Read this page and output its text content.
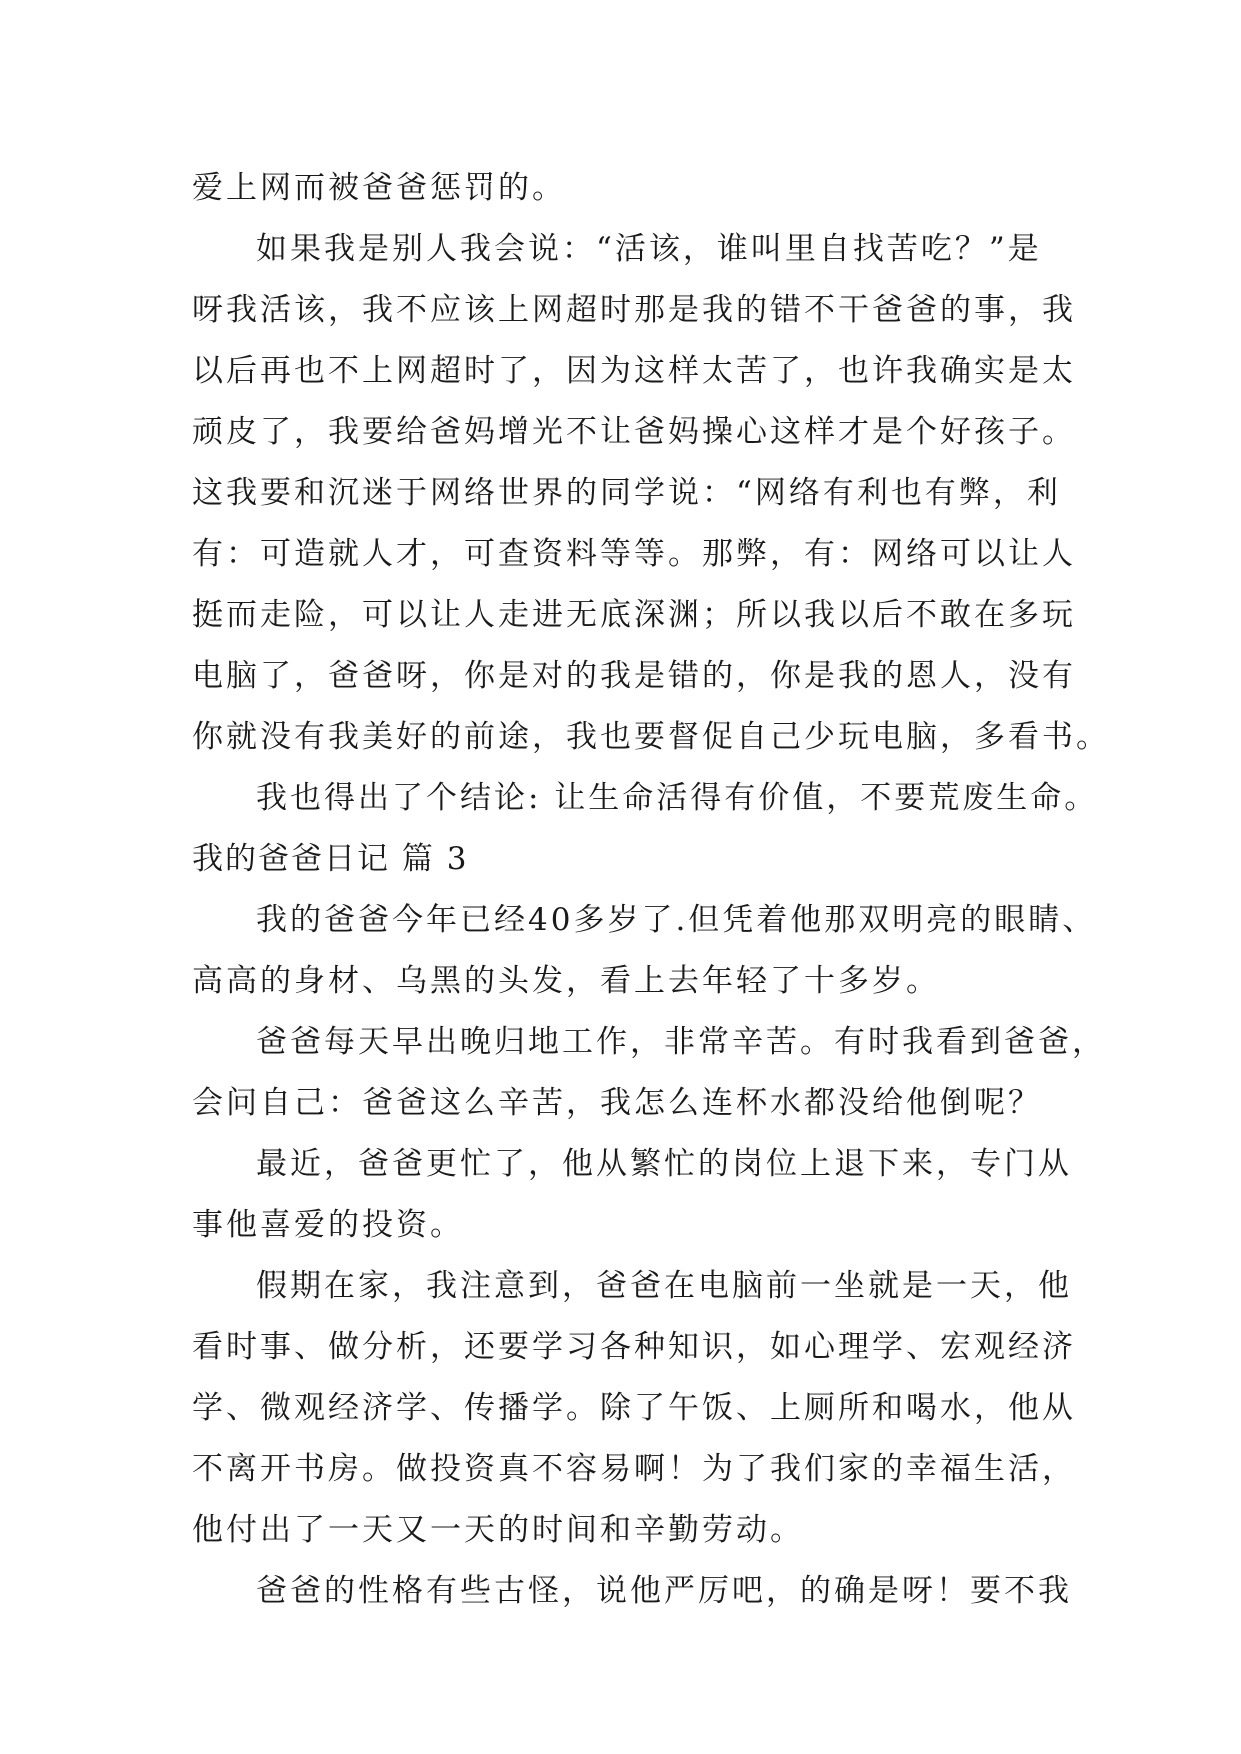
爱上网而被爸爸惩罚的。
如果我是别人我会说：“活该，谁叫里自找苦吃？”是
呀我活该，我不应该上网超时那是我的错不干爸爸的事，我
以后再也不上网超时了，因为这样太苦了，也许我确实是太
顽皮了，我要给爸妈增光不让爸妈操心这样才是个好孩子。
这我要和沉迷于网络世界的同学说：“网络有利也有弊，利
有：可造就人才，可查资料等等。那弊，有：网络可以让人
挺而走险，可以让人走进无底深渊；所以我以后不敢在多玩
电脑了，爸爸呀，你是对的我是错的，你是我的恩人，没有
你就没有我美好的前途，我也要督促自己少玩电脑，多看书。
我也得出了个结论: 让生命活得有价值，不要荒废生命。
我的爸爸日记 篇 3
我的爸爸今年已经40多岁了.但凭着他那双明亮的眼睛、
高高的身材、乌黑的头发，看上去年轻了十多岁。
爸爸每天早出晚归地工作，非常辛苦。有时我看到爸爸，
会问自己：爸爸这么辛苦，我怎么连杯水都没给他倒呢？
最近，爸爸更忙了，他从繁忙的岗位上退下来，专门从
事他喜爱的投资。
假期在家，我注意到，爸爸在电脑前一坐就是一天，他
看时事、做分析，还要学习各种知识，如心理学、宏观经济
学、微观经济学、传播学。除了午饭、上厕所和喝水，他从
不离开书房。做投资真不容易啊！为了我们家的幸福生活，
他付出了一天又一天的时间和辛勤劳动。
爸爸的性格有些古怪，说他严厉吧，的确是呀！要不我
